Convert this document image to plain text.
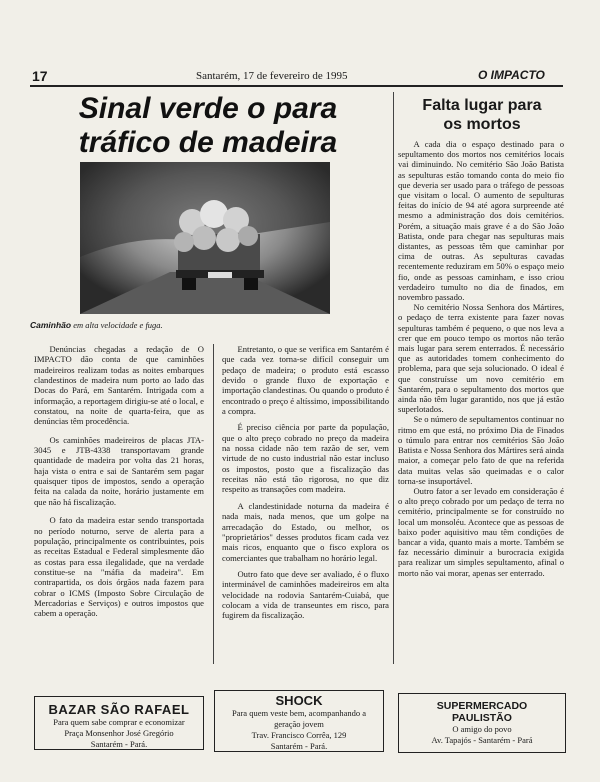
17	Santarém, 17 de fevereiro de 1995	O IMPACTO
Sinal verde o para
tráfico de madeira
Caminhão em alta velocidade e fuga.

Denúncias chegadas a redação de O IMPACTO dão conta de que caminhões madeireiros realizam todas as noites embarques clandestinos de madeira num porto ao lado das Docas do Pará, em Santarém. Intrigada com a informação, a reportagem dirigiu-se até o local, e constatou, na noite de quarta-feira, que as denúncias têm procedência.

Os caminhões madeireiros de placas JTA-3045 e JTB-4338 transportavam grande quantidade de madeira por volta das 21 horas, haja vista o entra e sai de Santarém sem pagar quaisquer tipos de impostos, sendo a operação feita na calada da noite, horário justamente em que não há fiscalização.

O fato da madeira estar sendo transportada no período noturno, serve de alerta para a população, principalmente os contribuintes, pois as receitas Estadual e Federal simplesmente dão as costas para essa ilegalidade, que na verdade constitue-se na "máfia da madeira". Em contrapartida, os dois órgãos nada fazem para cobrar o ICMS (Imposto Sobre Circulação de Mercadorias e Serviços) e outros impostos que cabem a operação.

Entretanto, o que se verifica em Santarém é que cada vez torna-se difícil conseguir um pedaço de madeira; o produto está escasso devido o grande fluxo de exportação e importação clandestinas. Ou quando o produto é encontrado o preço é altíssimo, impossibilitando a compra.

É preciso ciência por parte da população, que o alto preço cobrado no preço da madeira na nossa cidade não tem razão de ser, vem virtude de no custo industrial não estar incluso os impostos, posto que a fiscalização das receitas não está tão rigorosa, no que diz respeito as transações com madeira.

A clandestinidade noturna da madeira é nada mais, nada menos, que um golpe na arrecadação do Estado, ou melhor, os "proprietários" desses produtos ficam cada vez mais ricos, enquanto que o fisco explora os comerciantes que trabalham no horário legal.

Outro fato que deve ser avaliado, é o fluxo interminável de caminhões madeireiros em alta velocidade na rodovia Santarém-Cuiabá, que colocam a vida de transeuntes em risco, para fugirem da fiscalização.

Falta lugar para
os mortos

A cada dia o espaço destinado para o sepultamento dos mortos nos cemitérios locais vai diminuindo. No cemitério São João Batista as sepulturas estão tomando conta do meio fio que deveria ser usado para o tráfego de pessoas que visitam o local. O aumento de sepulturas feitas do início de 94 até agora surpreende até mesmo a administração dos dois cemitérios. Porém, a situação mais grave é a do São João Batista, onde para chegar nas sepulturas mais distantes, as pessoas têm que caminhar por cima de outras. As sepulturas cavadas recentemente reduziram em 50% o espaço meio fio, onde as pessoas caminham, e isso criou verdadeiro tumulto no dia de finados, em novembro passado.

No cemitério Nossa Senhora dos Mártires, o pedaço de terra existente para fazer novas sepulturas também é pequeno, o que nos leva a crer que em pouco tempo os mortos não terão mais lugar para serem enterrados. É necessário que as autoridades tomem conhecimento do problema, para que seja solucionado. O ideal é que construísse um novo cemitério em Santarém, para o sepultamento dos mortos que ainda não têm lugar garantido, nos que já estão superlotados.

Se o número de sepultamentos continuar no ritmo em que está, no próximo Dia de Finados o túmulo para entrar nos cemitérios São João Batista e Nossa Senhora dos Mártires será ainda maior, a começar pelo fato de que na referida data muitas velas são queimadas e o calor torna-se insuportável.

Outro fator a ser levado em consideração é o alto preço cobrado por um pedaço de terra no cemitério, principalmente se for construído no local um monsoléu. Acontece que as pessoas de baixo poder aquisitivo mau têm condições de bancar a vida, quanto mais a morte. Também se faz necessário diminuir a burocracia exigida para realizar um simples sepultamento, afinal o morto não vai morar, apenas ser enterrado.

BAZAR SÃO RAFAEL
Para quem sabe comprar e economizar
Praça Monsenhor José Gregório
Santarém - Pará.
SHOCK
Para quem veste bem, acompanhando a
geração jovem
Trav. Francisco Corrêa, 129
Santarém - Pará.
SUPERMERCADO
PAULISTÃO
O amigo do povo
Av. Tapajós - Santarém - Pará
